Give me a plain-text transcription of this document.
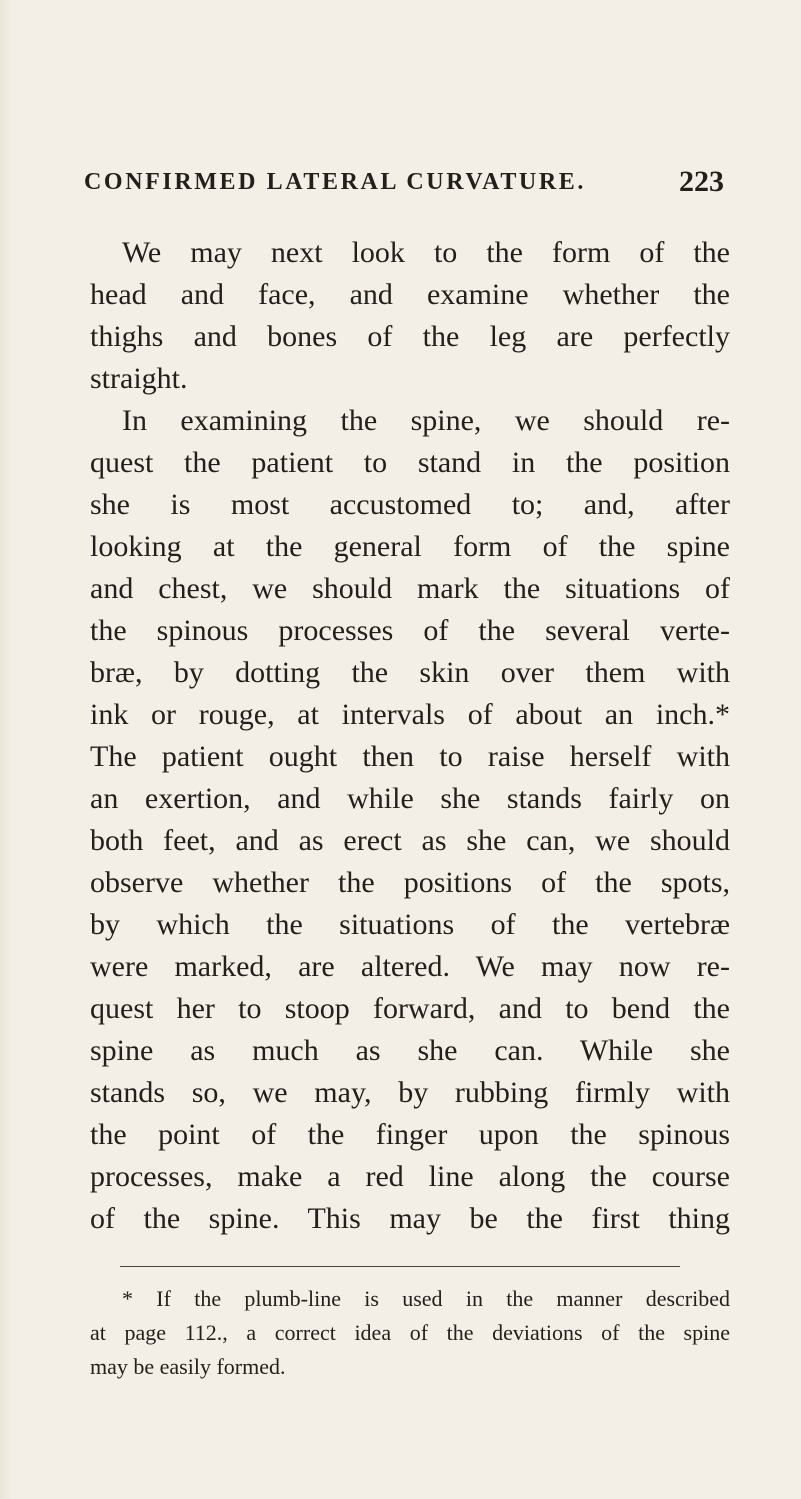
CONFIRMED LATERAL CURVATURE.	223
We may next look to the form of the
head and face, and examine whether the
thighs and bones of the leg are perfectly
straight.
In examining the spine, we should re-
quest the patient to stand in the position
she is most accustomed to; and, after
looking at the general form of the spine
and chest, we should mark the situations of
the spinous processes of the several verte-
bræ, by dotting the skin over them with
ink or rouge, at intervals of about an inch.*
The patient ought then to raise herself with
an exertion, and while she stands fairly on
both feet, and as erect as she can, we should
observe whether the positions of the spots,
by which the situations of the vertebræ
were marked, are altered. We may now re-
quest her to stoop forward, and to bend the
spine as much as she can. While she
stands so, we may, by rubbing firmly with
the point of the finger upon the spinous
processes, make a red line along the course
of the spine. This may be the first thing
* If the plumb-line is used in the manner described
at page 112., a correct idea of the deviations of the spine
may be easily formed.
